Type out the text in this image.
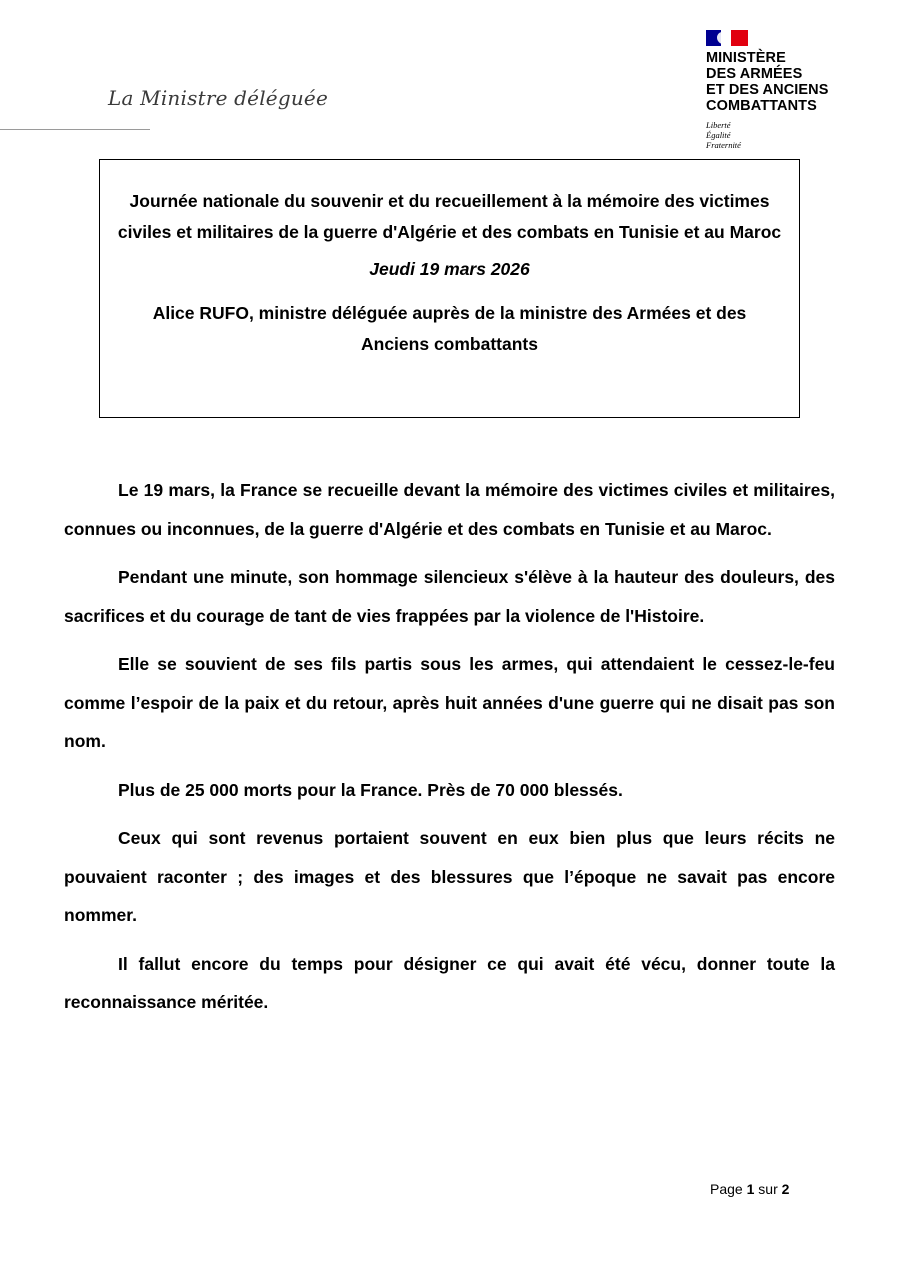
La Ministre déléguée
MINISTÈRE
DES ARMÉES
ET DES ANCIENS
COMBATTANTS
Liberté
Égalité
Fraternité
Journée nationale du souvenir et du recueillement à la mémoire des victimes civiles et militaires de la guerre d'Algérie et des combats en Tunisie et au Maroc
Jeudi 19 mars 2026
Alice RUFO, ministre déléguée auprès de la ministre des Armées et des Anciens combattants

Le 19 mars, la France se recueille devant la mémoire des victimes civiles et militaires, connues ou inconnues, de la guerre d'Algérie et des combats en Tunisie et au Maroc.

Pendant une minute, son hommage silencieux s'élève à la hauteur des douleurs, des sacrifices et du courage de tant de vies frappées par la violence de l'Histoire.

Elle se souvient de ses fils partis sous les armes, qui attendaient le cessez-le-feu comme l’espoir de la paix et du retour, après huit années d'une guerre qui ne disait pas son nom.

Plus de 25 000 morts pour la France. Près de 70 000 blessés.

Ceux qui sont revenus portaient souvent en eux bien plus que leurs récits ne pouvaient raconter ; des images et des blessures que l’époque ne savait pas encore nommer.

Il fallut encore du temps pour désigner ce qui avait été vécu, donner toute la reconnaissance méritée.

Page 1 sur 2
